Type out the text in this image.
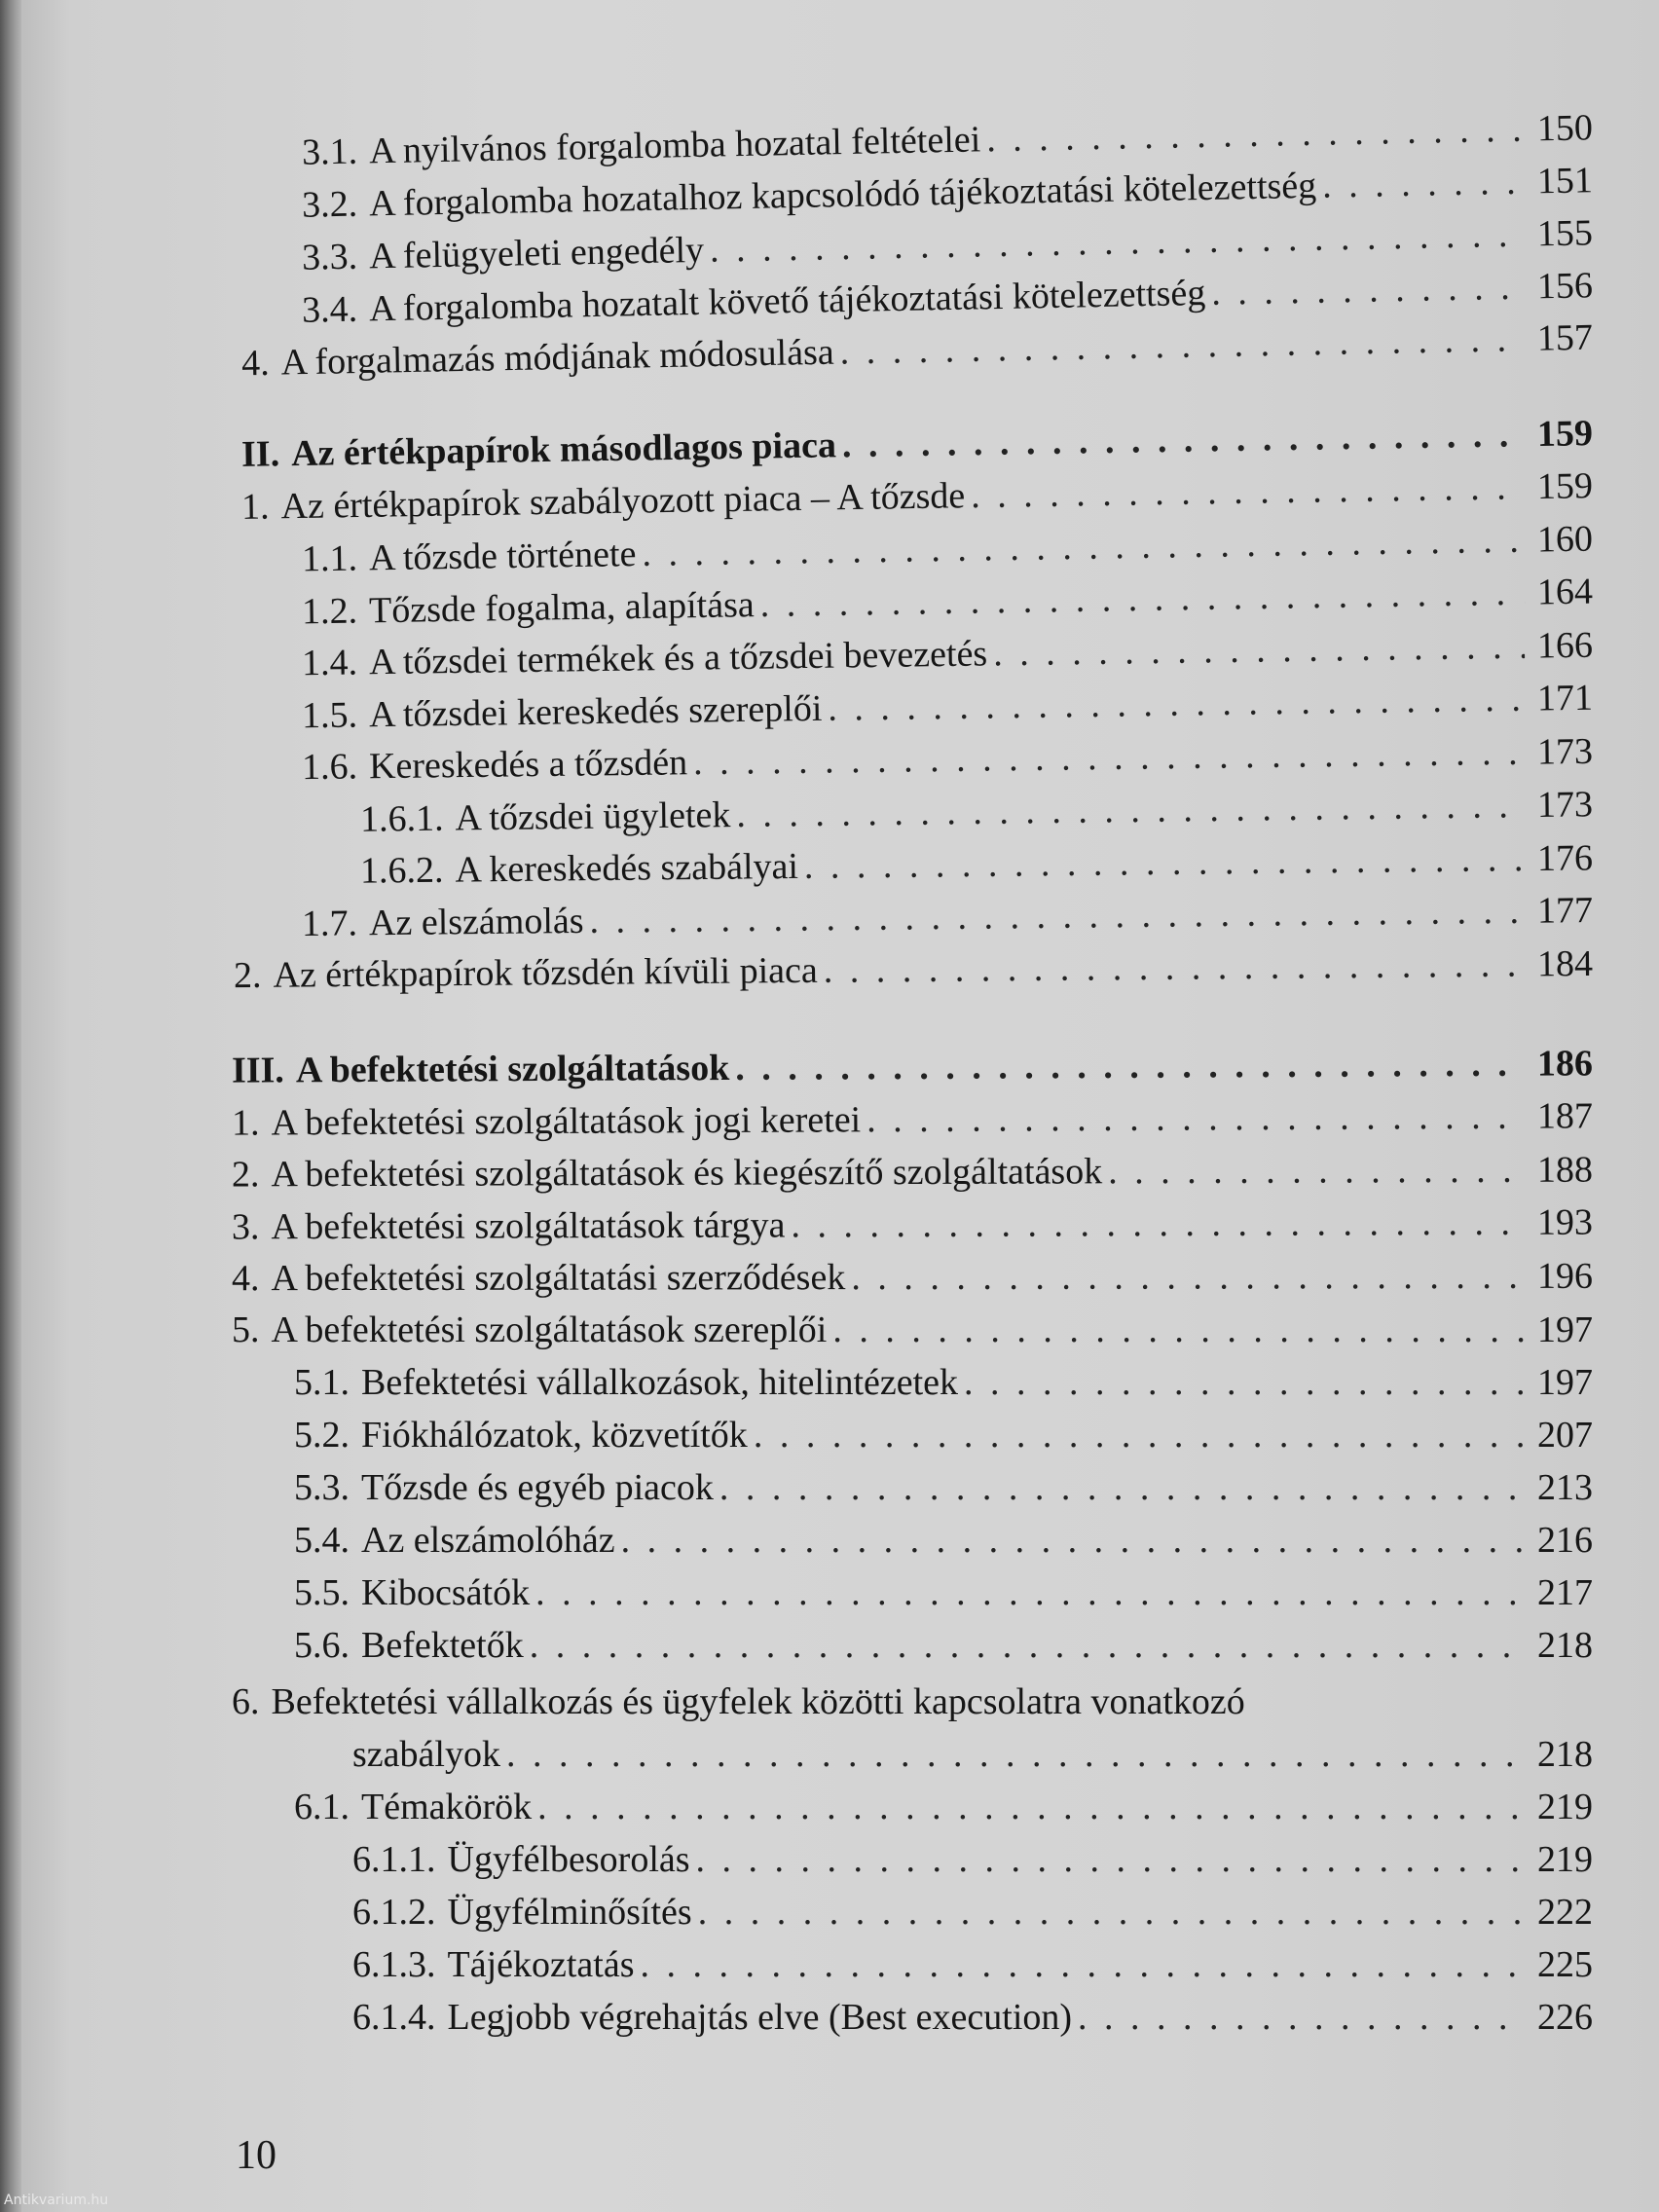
3.1. A nyilvános forgalomba hozatal feltételei . . .	150
3.2. A forgalomba hozatalhoz kapcsolódó tájékoztatási kötelezettség . . .	151
3.3. A felügyeleti engedély . . .	155
3.4. A forgalomba hozatalt követő tájékoztatási kötelezettség . . .	156
4. A forgalmazás módjának módosulása . . .	157
II. Az értékpapírok másodlagos piaca . . .	159
1. Az értékpapírok szabályozott piaca – A tőzsde . . .	159
1.1. A tőzsde története . . .	160
1.2. Tőzsde fogalma, alapítása . . .	164
1.4. A tőzsdei termékek és a tőzsdei bevezetés . . .	166
1.5. A tőzsdei kereskedés szereplői . . .	171
1.6. Kereskedés a tőzsdén . . .	173
1.6.1. A tőzsdei ügyletek . . .	173
1.6.2. A kereskedés szabályai . . .	176
1.7. Az elszámolás . . .	177
2. Az értékpapírok tőzsdén kívüli piaca . . .	184
III. A befektetési szolgáltatások . . .	186
1. A befektetési szolgáltatások jogi keretei . . .	187
2. A befektetési szolgáltatások és kiegészítő szolgáltatások . . .	188
3. A befektetési szolgáltatások tárgya . . .	193
4. A befektetési szolgáltatási szerződések . . .	196
5. A befektetési szolgáltatások szereplői . . .	197
5.1. Befektetési vállalkozások, hitelintézetek . . .	197
5.2. Fiókhálózatok, közvetítők . . .	207
5.3. Tőzsde és egyéb piacok . . .	213
5.4. Az elszámolóház . . .	216
5.5. Kibocsátók . . .	217
5.6. Befektetők . . .	218
6. Befektetési vállalkozás és ügyfelek közötti kapcsolatra vonatkozó
szabályok . . .	218
6.1. Témakörök . . .	219
6.1.1. Ügyfélbesorolás . . .	219
6.1.2. Ügyfélminősítés . . .	222
6.1.3. Tájékoztatás . . .	225
6.1.4. Legjobb végrehajtás elve (Best execution) . . .	226
10
Antikvarium.hu
